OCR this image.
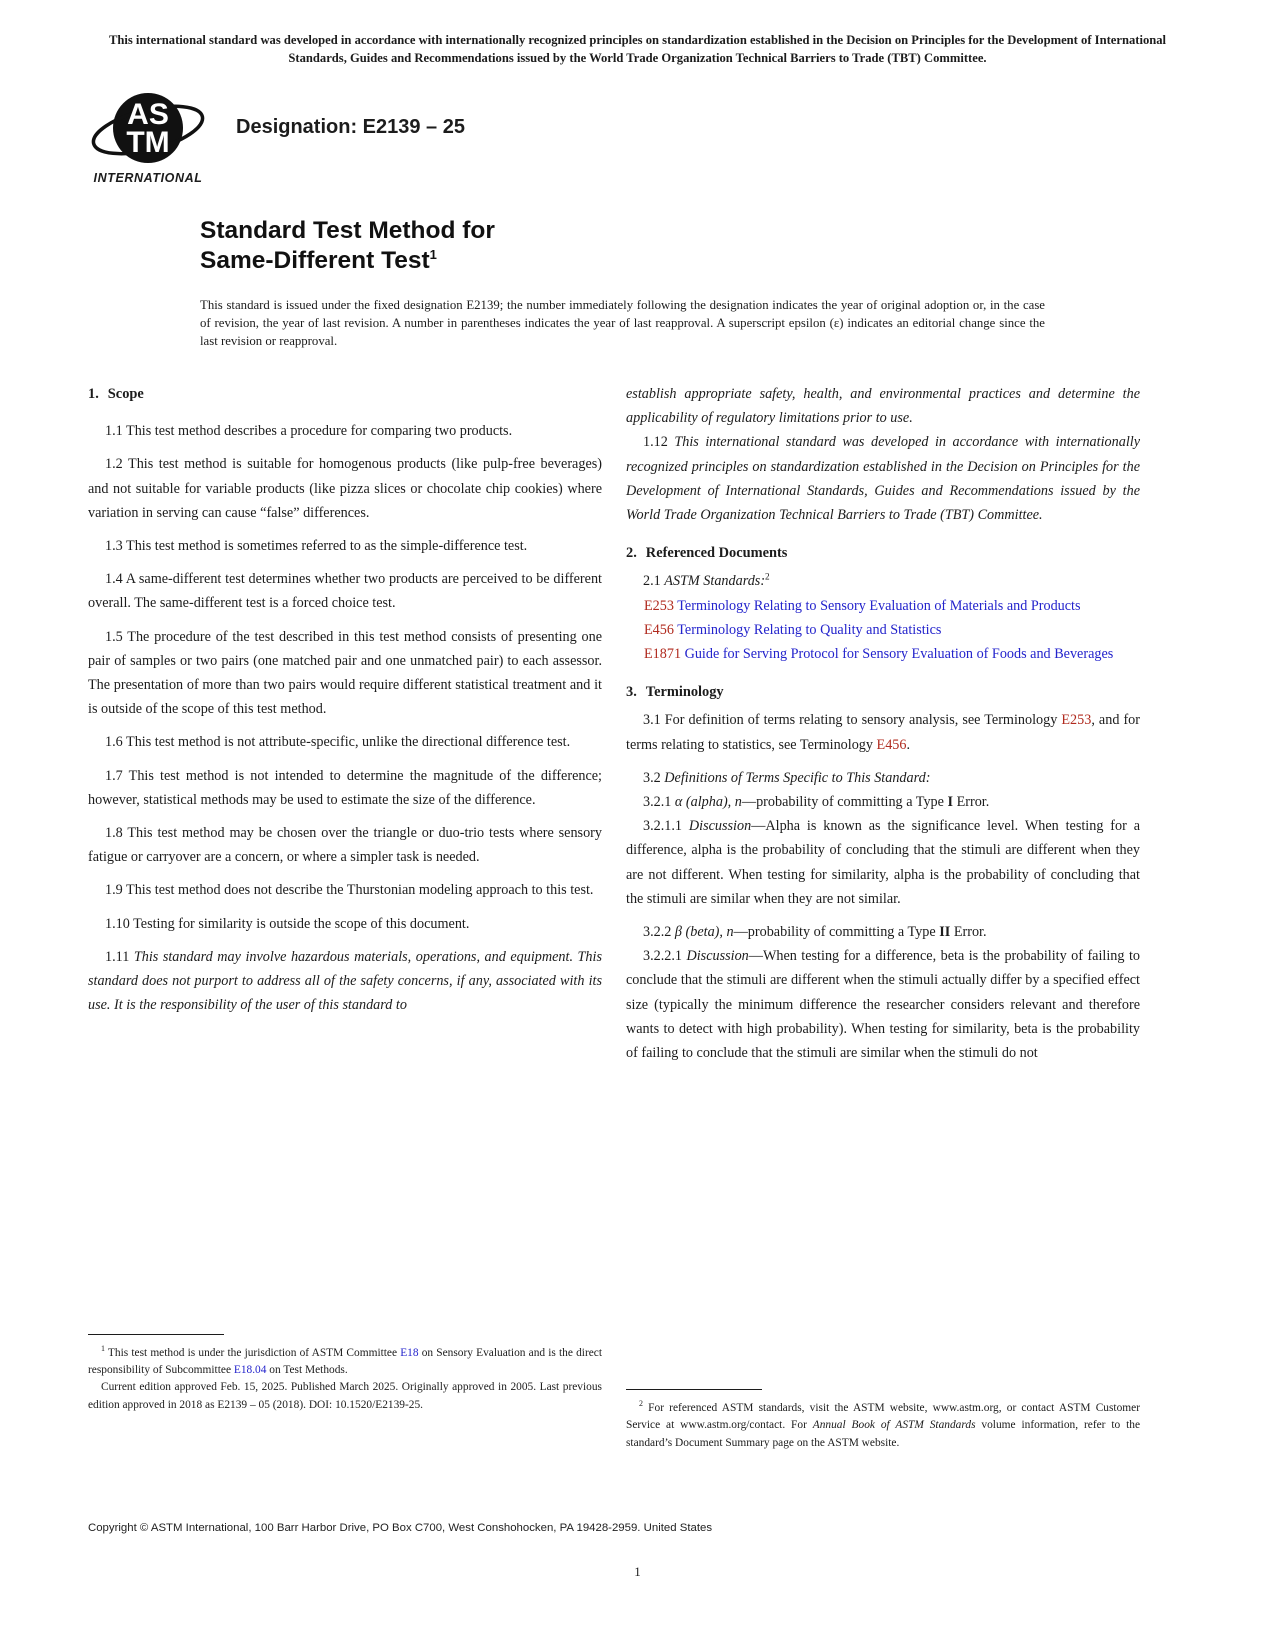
This international standard was developed in accordance with internationally recognized principles on standardization established in the Decision on Principles for the Development of International Standards, Guides and Recommendations issued by the World Trade Organization Technical Barriers to Trade (TBT) Committee.
AS
TM
INTERNATIONAL
Designation: E2139 – 25
Standard Test Method for
Same-Different Test$^1$

This standard is issued under the fixed designation E2139; the number immediately following the designation indicates the year of original adoption or, in the case of revision, the year of last revision. A number in parentheses indicates the year of last reapproval. A superscript epsilon (ε) indicates an editorial change since the last revision or reapproval.

1. Scope

1.1 This test method describes a procedure for comparing two products.

1.2 This test method is suitable for homogenous products (like pulp-free beverages) and not suitable for variable products (like pizza slices or chocolate chip cookies) where variation in serving can cause “false” differences.

1.3 This test method is sometimes referred to as the simple-difference test.

1.4 A same-different test determines whether two products are perceived to be different overall. The same-different test is a forced choice test.

1.5 The procedure of the test described in this test method consists of presenting one pair of samples or two pairs (one matched pair and one unmatched pair) to each assessor. The presentation of more than two pairs would require different statistical treatment and it is outside of the scope of this test method.

1.6 This test method is not attribute-specific, unlike the directional difference test.

1.7 This test method is not intended to determine the magnitude of the difference; however, statistical methods may be used to estimate the size of the difference.

1.8 This test method may be chosen over the triangle or duo-trio tests where sensory fatigue or carryover are a concern, or where a simpler task is needed.

1.9 This test method does not describe the Thurstonian modeling approach to this test.

1.10 Testing for similarity is outside the scope of this document.

1.11 This standard may involve hazardous materials, operations, and equipment. This standard does not purport to address all of the safety concerns, if any, associated with its use. It is the responsibility of the user of this standard to

$^1$ This test method is under the jurisdiction of ASTM Committee E18 on Sensory Evaluation and is the direct responsibility of Subcommittee E18.04 on Test Methods.

Current edition approved Feb. 15, 2025. Published March 2025. Originally approved in 2005. Last previous edition approved in 2018 as E2139 – 05 (2018). DOI: 10.1520/E2139-25.

establish appropriate safety, health, and environmental practices and determine the applicability of regulatory limitations prior to use.

1.12 This international standard was developed in accordance with internationally recognized principles on standardization established in the Decision on Principles for the Development of International Standards, Guides and Recommendations issued by the World Trade Organization Technical Barriers to Trade (TBT) Committee.

2. Referenced Documents

2.1 ASTM Standards:$^2$

E253 Terminology Relating to Sensory Evaluation of Materials and Products

E456 Terminology Relating to Quality and Statistics

E1871 Guide for Serving Protocol for Sensory Evaluation of Foods and Beverages

3. Terminology

3.1 For definition of terms relating to sensory analysis, see Terminology E253, and for terms relating to statistics, see Terminology E456.

3.2 Definitions of Terms Specific to This Standard:

3.2.1 α (alpha), n—probability of committing a Type I Error.

3.2.1.1 Discussion—Alpha is known as the significance level. When testing for a difference, alpha is the probability of concluding that the stimuli are different when they are not different. When testing for similarity, alpha is the probability of concluding that the stimuli are similar when they are not similar.

3.2.2 β (beta), n—probability of committing a Type II Error.

3.2.2.1 Discussion—When testing for a difference, beta is the probability of failing to conclude that the stimuli are different when the stimuli actually differ by a specified effect size (typically the minimum difference the researcher considers relevant and therefore wants to detect with high probability). When testing for similarity, beta is the probability of failing to conclude that the stimuli are similar when the stimuli do not

$^2$ For referenced ASTM standards, visit the ASTM website, www.astm.org, or contact ASTM Customer Service at www.astm.org/contact. For Annual Book of ASTM Standards volume information, refer to the standard’s Document Summary page on the ASTM website.

Copyright © ASTM International, 100 Barr Harbor Drive, PO Box C700, West Conshohocken, PA 19428-2959. United States
1
